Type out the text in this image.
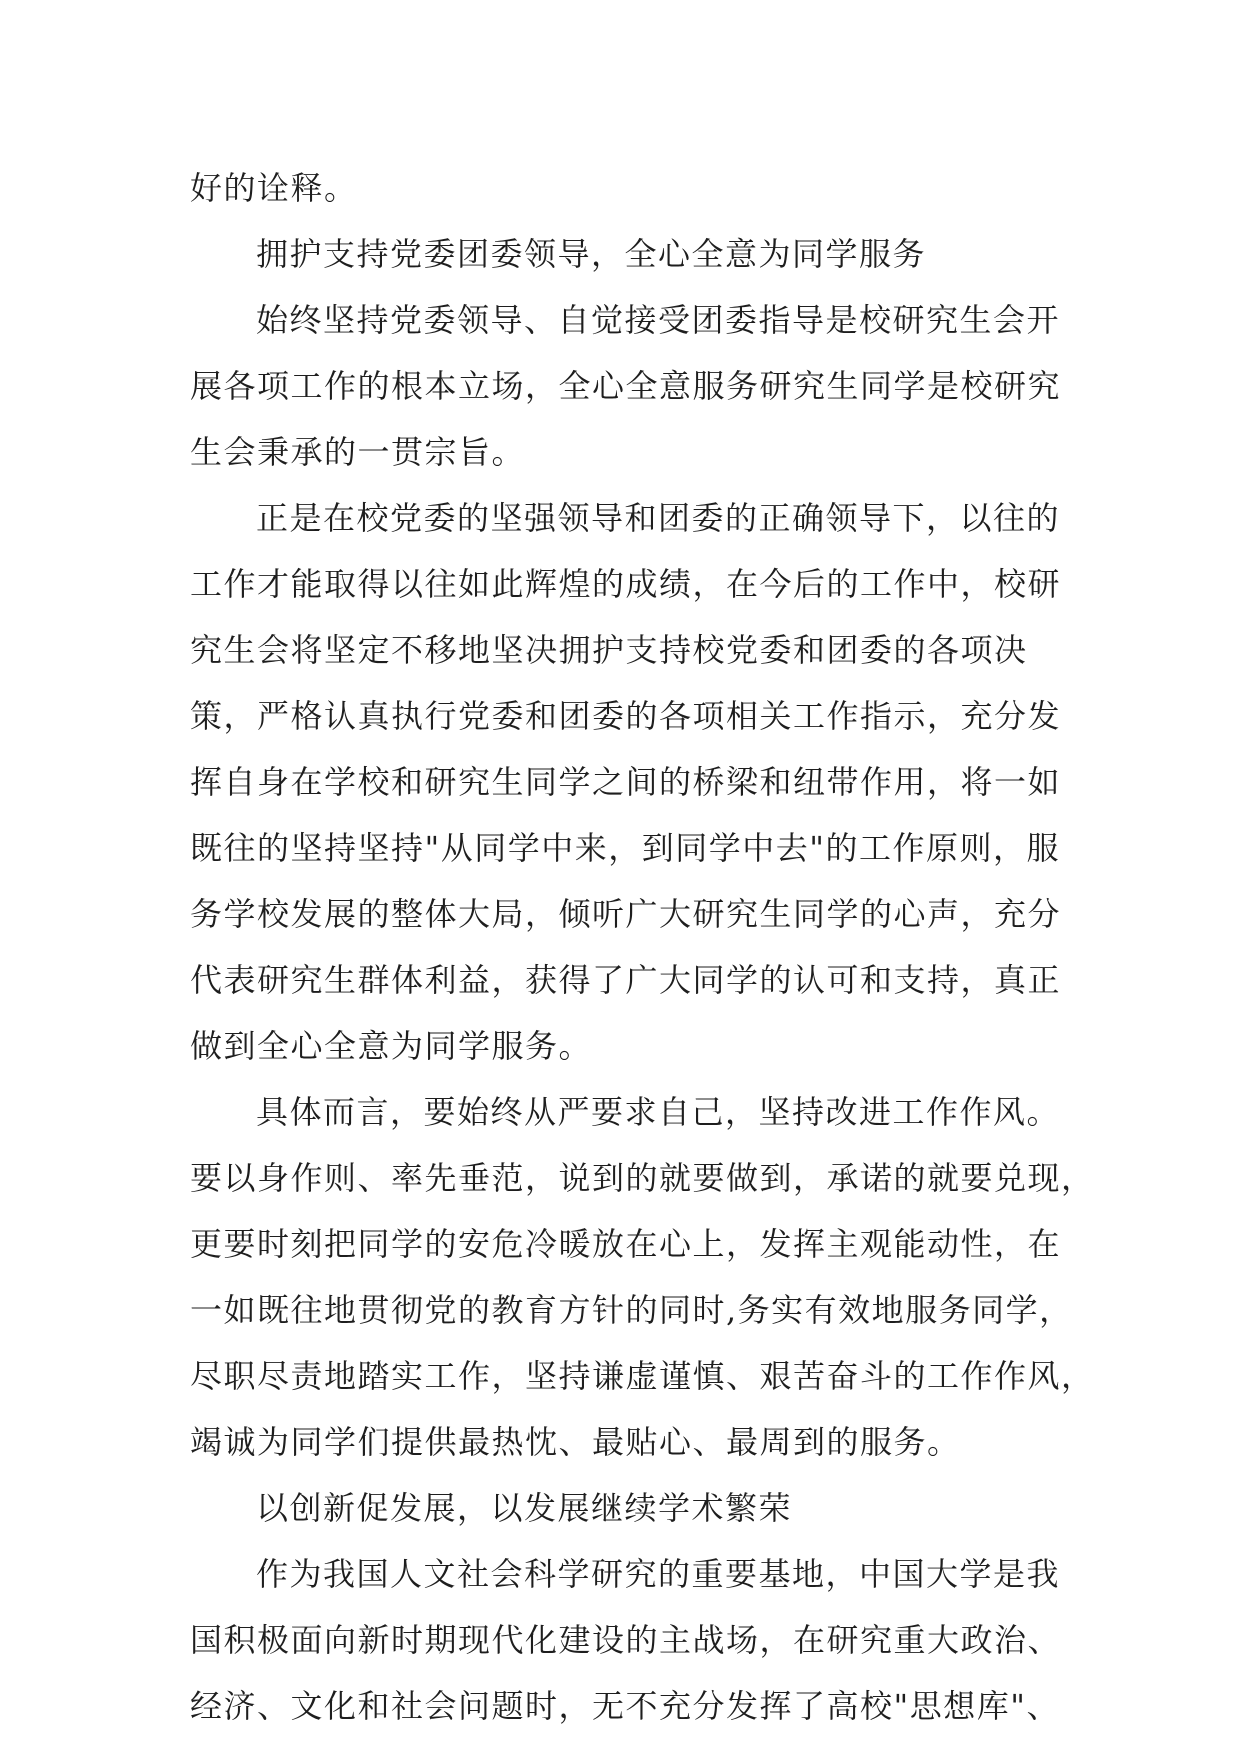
好的诠释。
拥护支持党委团委领导，全心全意为同学服务
始终坚持党委领导、自觉接受团委指导是校研究生会开
展各项工作的根本立场，全心全意服务研究生同学是校研究
生会秉承的一贯宗旨。
正是在校党委的坚强领导和团委的正确领导下，以往的
工作才能取得以往如此辉煌的成绩，在今后的工作中，校研
究生会将坚定不移地坚决拥护支持校党委和团委的各项决
策，严格认真执行党委和团委的各项相关工作指示，充分发
挥自身在学校和研究生同学之间的桥梁和纽带作用，将一如
既往的坚持坚持"从同学中来，到同学中去"的工作原则，服
务学校发展的整体大局，倾听广大研究生同学的心声，充分
代表研究生群体利益，获得了广大同学的认可和支持，真正
做到全心全意为同学服务。
具体而言，要始终从严要求自己，坚持改进工作作风。
要以身作则、率先垂范，说到的就要做到，承诺的就要兑现，
更要时刻把同学的安危冷暖放在心上，发挥主观能动性，在
一如既往地贯彻党的教育方针的同时,务实有效地服务同学，
尽职尽责地踏实工作，坚持谦虚谨慎、艰苦奋斗的工作作风，
竭诚为同学们提供最热忱、最贴心、最周到的服务。
以创新促发展，以发展继续学术繁荣
作为我国人文社会科学研究的重要基地，中国大学是我
国积极面向新时期现代化建设的主战场，在研究重大政治、
经济、文化和社会问题时，无不充分发挥了高校"思想库"、
